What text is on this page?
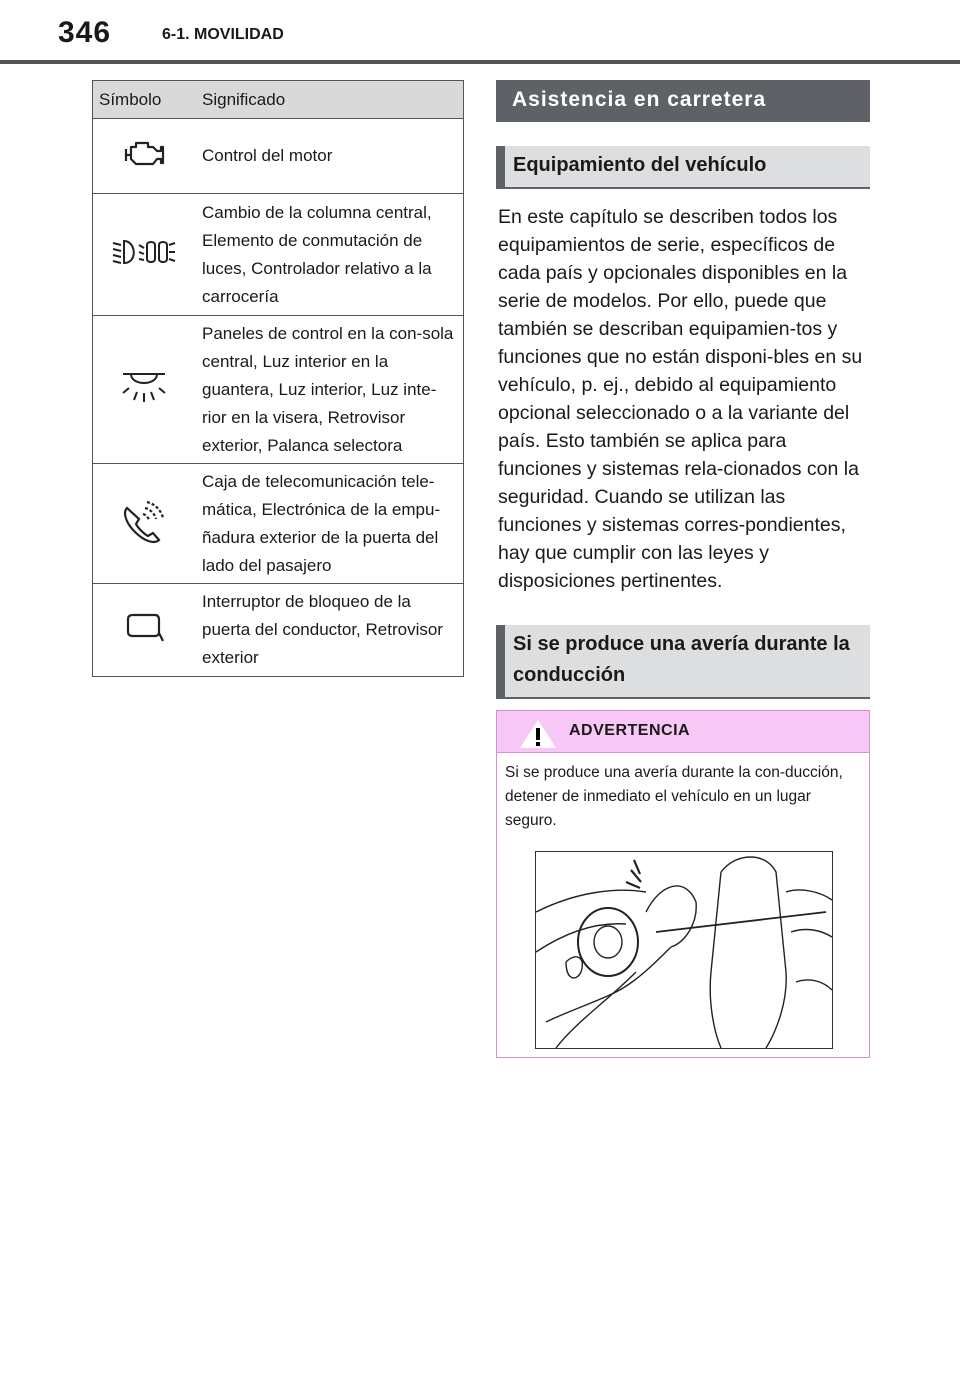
346	6-1. MOVILIDAD
Símbolo	Significado
	Control del motor
	Cambio de la columna central, Elemento de conmutación de luces, Controlador relativo a la carrocería
	Paneles de control en la con-sola central, Luz interior en la guantera, Luz interior, Luz inte-rior en la visera, Retrovisor exterior, Palanca selectora
	Caja de telecomunicación tele-mática, Electrónica de la empu-ñadura exterior de la puerta del lado del pasajero
	Interruptor de bloqueo de la puerta del conductor, Retrovisor exterior
Asistencia en carretera
Equipamiento del vehículo
En este capítulo se describen todos los equipamientos de serie, específicos de cada país y opcionales disponibles en la serie de modelos. Por ello, puede que también se describan equipamien-tos y funciones que no están disponi-bles en su vehículo, p. ej., debido al equipamiento opcional seleccionado o a la variante del país. Esto también se aplica para funciones y sistemas rela-cionados con la seguridad. Cuando se utilizan las funciones y sistemas corres-pondientes, hay que cumplir con las leyes y disposiciones pertinentes.
Si se produce una avería durante la conducción
ADVERTENCIA
Si se produce una avería durante la con-ducción, detener de inmediato el vehículo en un lugar seguro.
